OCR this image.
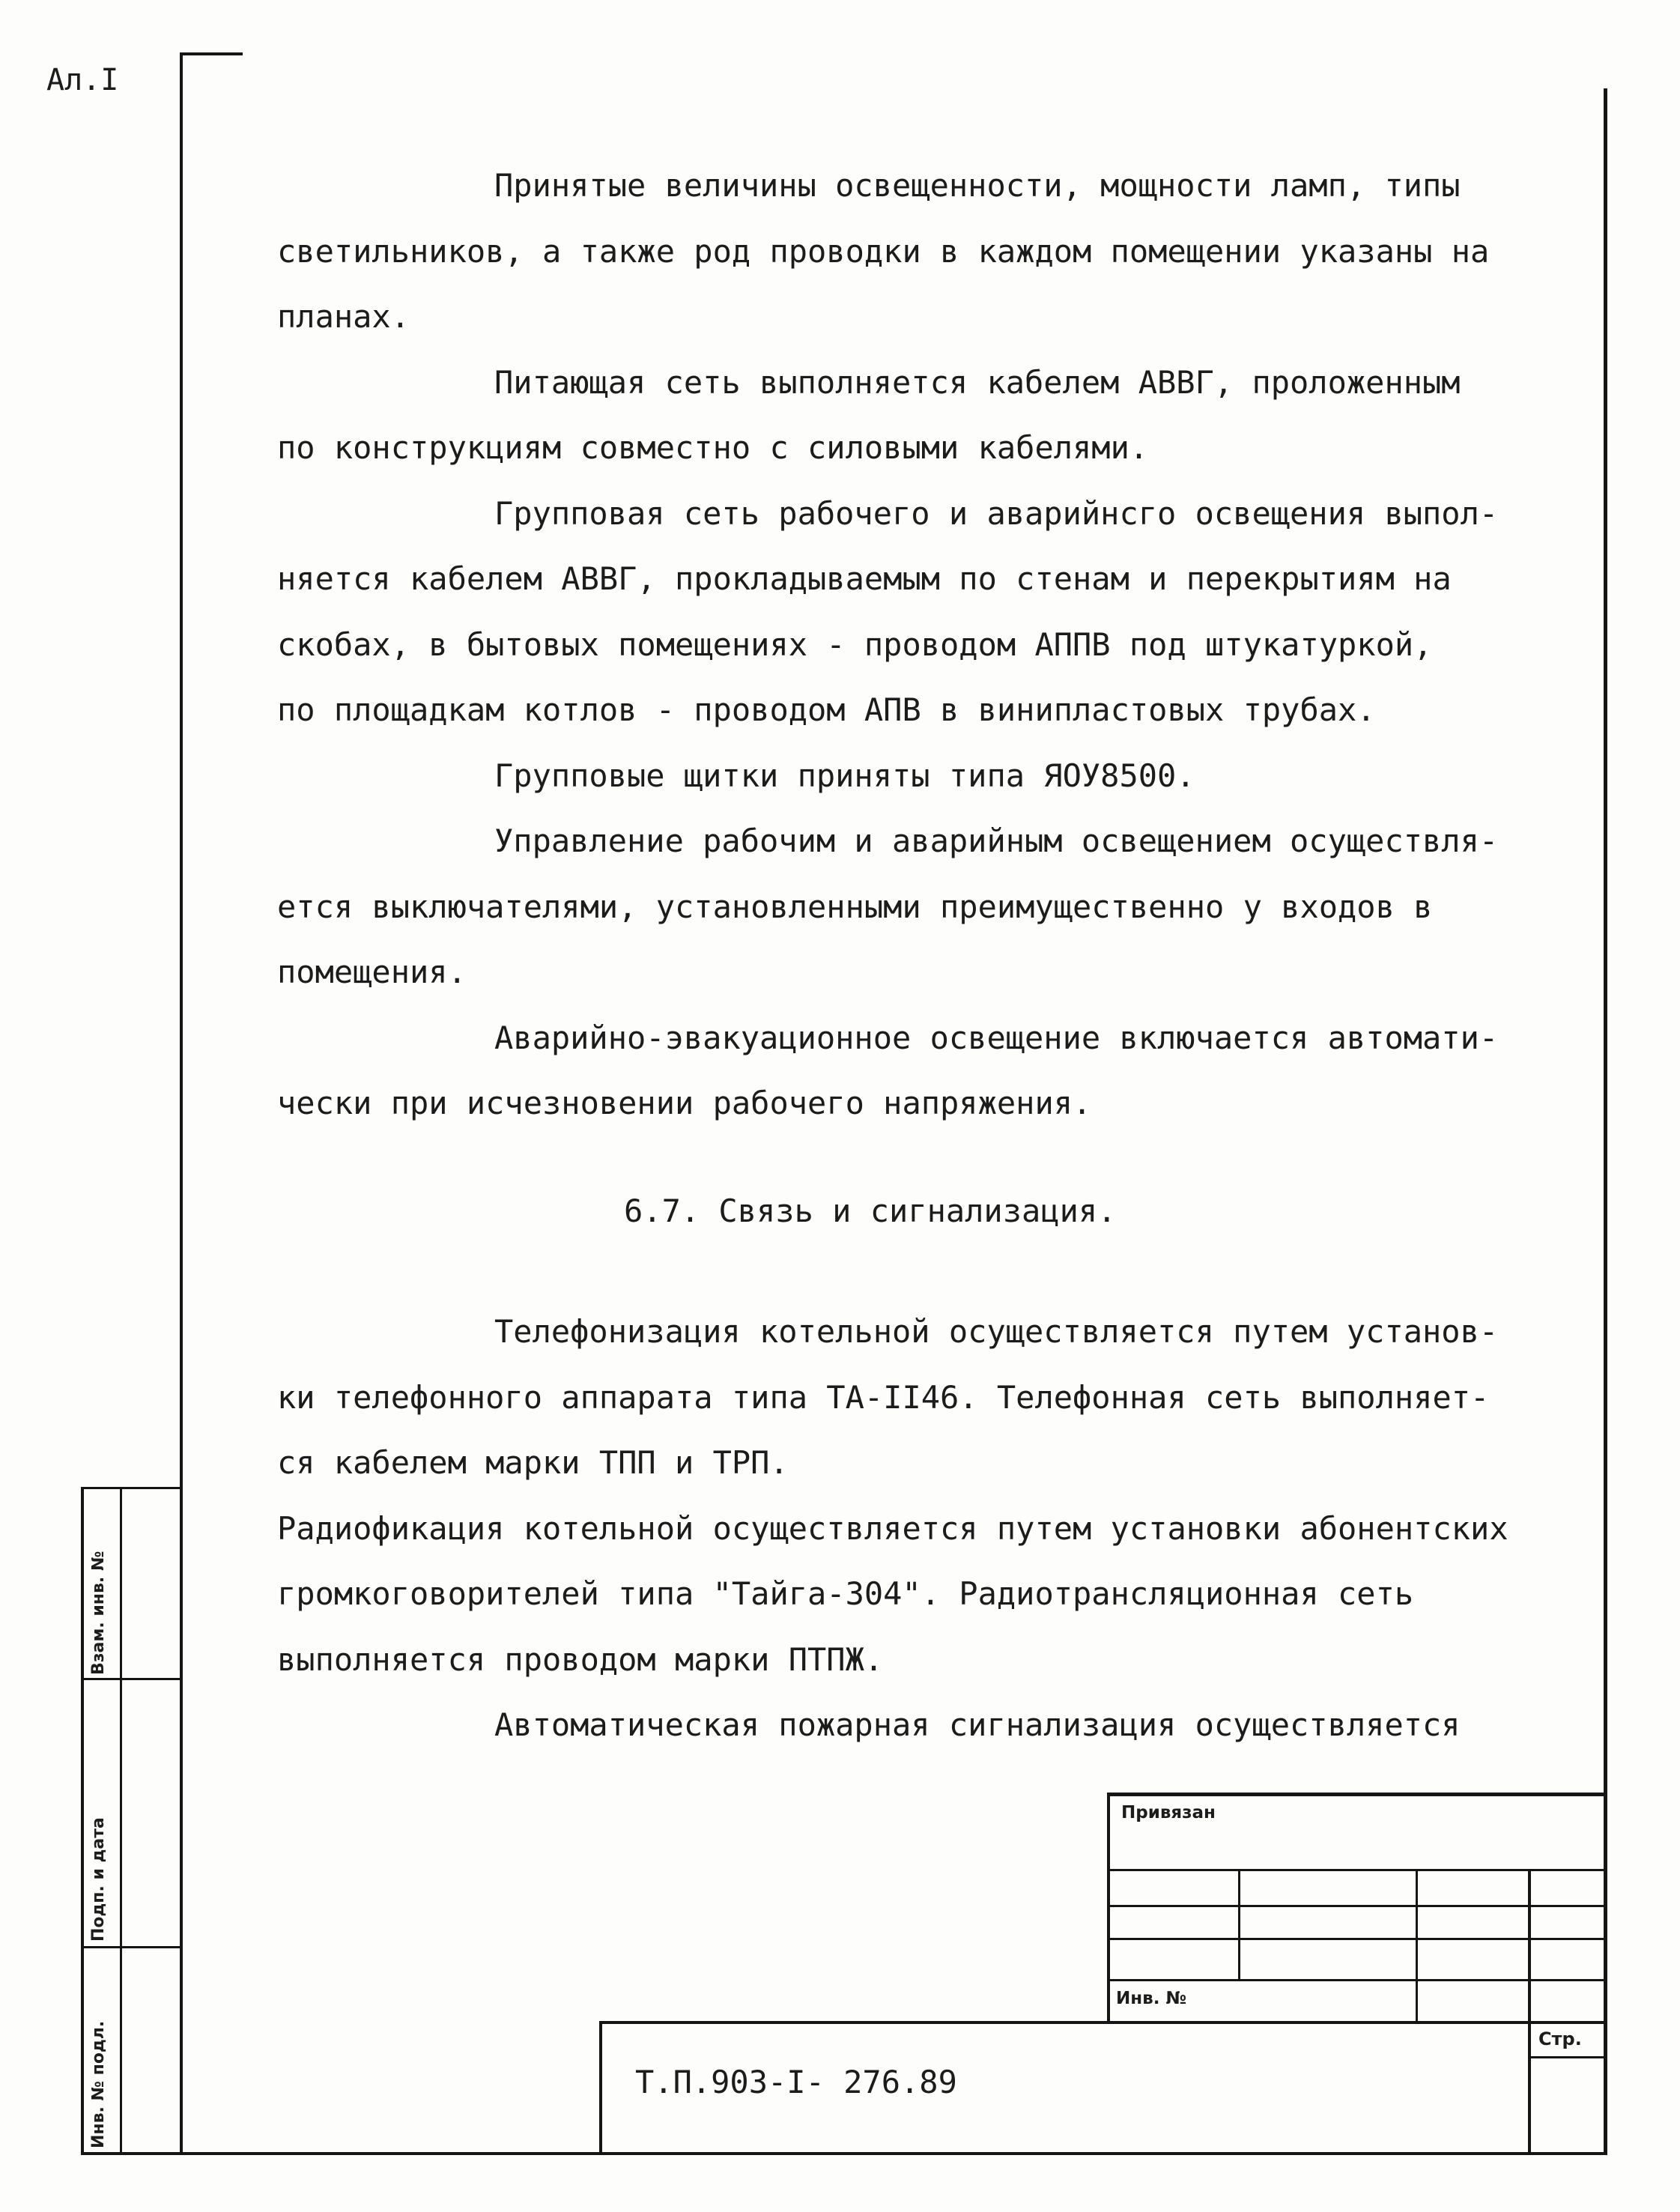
Ал.I
Взам. инв. №
Подп. и дата
Инв. № подл.
Принятые величины освещенности, мощности ламп, типы
светильников, а также род проводки в каждом помещении указаны на
планах.
Питающая сеть выполняется кабелем АВВГ, проложенным
по конструкциям совместно с силовыми кабелями.
Групповая сеть рабочего и аварийнсго освещения выпол-
няется кабелем АВВГ, прокладываемым по стенам и перекрытиям на
скобах, в бытовых помещениях - проводом АППВ под штукатуркой,
по площадкам котлов - проводом АПВ в винипластовых трубах.
Групповые щитки приняты типа ЯОУ8500.
Управление рабочим и аварийным освещением осуществля-
ется выключателями, установленными преимущественно у входов в
помещения.
Аварийно-эвакуационное освещение включается автомати-
чески при исчезновении рабочего напряжения.
6.7. Связь и сигнализация.
Телефонизация котельной осуществляется путем установ-
ки телефонного аппарата типа ТА-II46. Телефонная сеть выполняет-
ся кабелем марки ТПП и ТРП.
Радиофикация котельной осуществляется путем установки абонентских
громкоговорителей типа "Тайга-304". Радиотрансляционная сеть
выполняется проводом марки ПТПЖ.
Автоматическая пожарная сигнализация осуществляется
Привязан
Инв. №
Стр.
Т.П.903-I- 276.89
